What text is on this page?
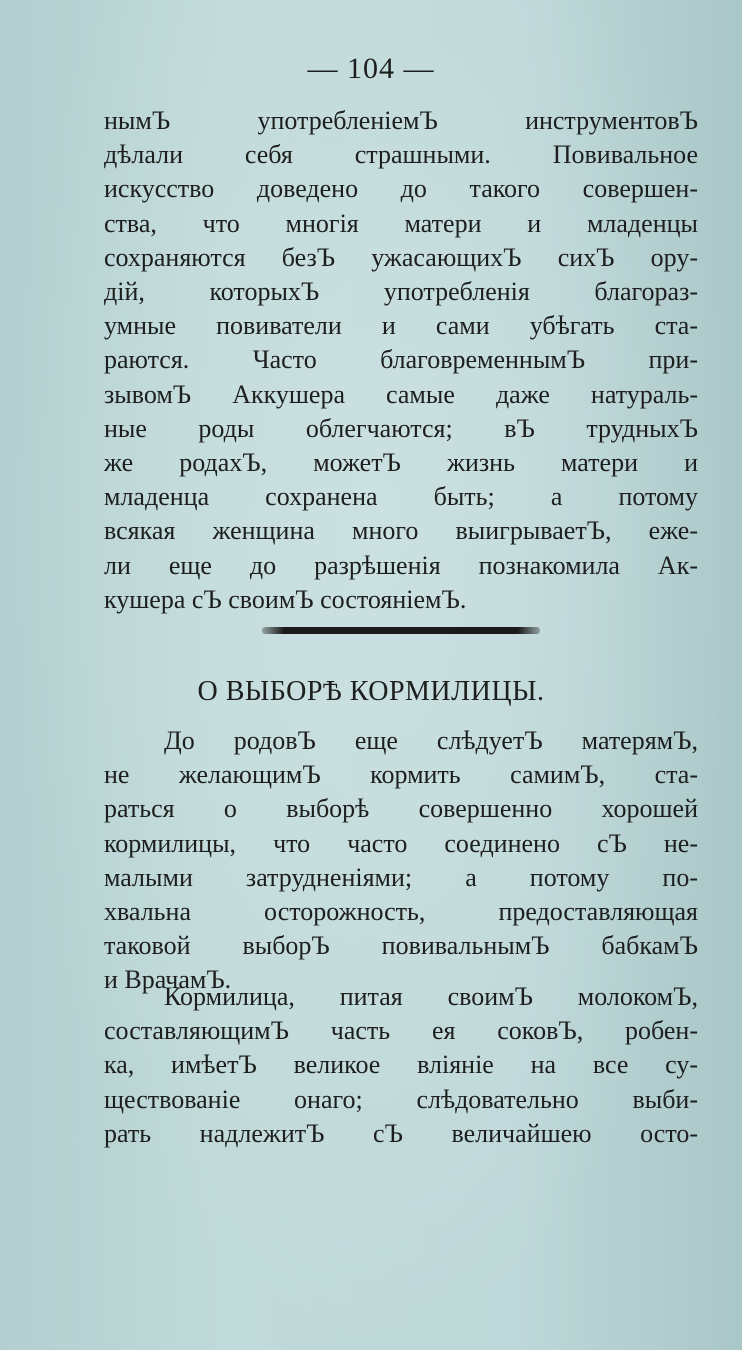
— 104 —
нымЪ употребленіемЪ инструментовЪ
дѣлали себя страшными. Повивальное
искусство доведено до такого совершен-
ства, что многія матери и младенцы
сохраняются безЪ ужасающихЪ сихЪ ору-
дій, которыхЪ употребленія благораз-
умные повиватели и сами убѣгать ста-
раются. Часто благовременнымЪ при-
зывомЪ Аккушера самые даже натураль-
ные роды облегчаются; вЪ трудныхЪ
же родахЪ, можетЪ жизнь матери и
младенца сохранена быть; а потому
всякая женщина много выигрываетЪ, еже-
ли еще до разрѣшенія познакомила Ак-
кушера сЪ своимЪ состояніемЪ.
О ВЫБОРѢ КОРМИЛИЦЫ.
До родовЪ еще слѣдуетЪ матерямЪ,
не желающимЪ кормить самимЪ, ста-
раться о выборѣ совершенно хорошей
кормилицы, что часто соединено сЪ не-
малыми затрудненіями; а потому по-
хвальна осторожность, предоставляющая
таковой выборЪ повивальнымЪ бабкамЪ
и ВрачамЪ.
Кормилица, питая своимЪ молокомЪ,
составляющимЪ часть ея соковЪ, робен-
ка, имѣетЪ великое вліяніе на все су-
ществованіе онаго; слѣдовательно выби-
рать надлежитЪ сЪ величайшею осто-
